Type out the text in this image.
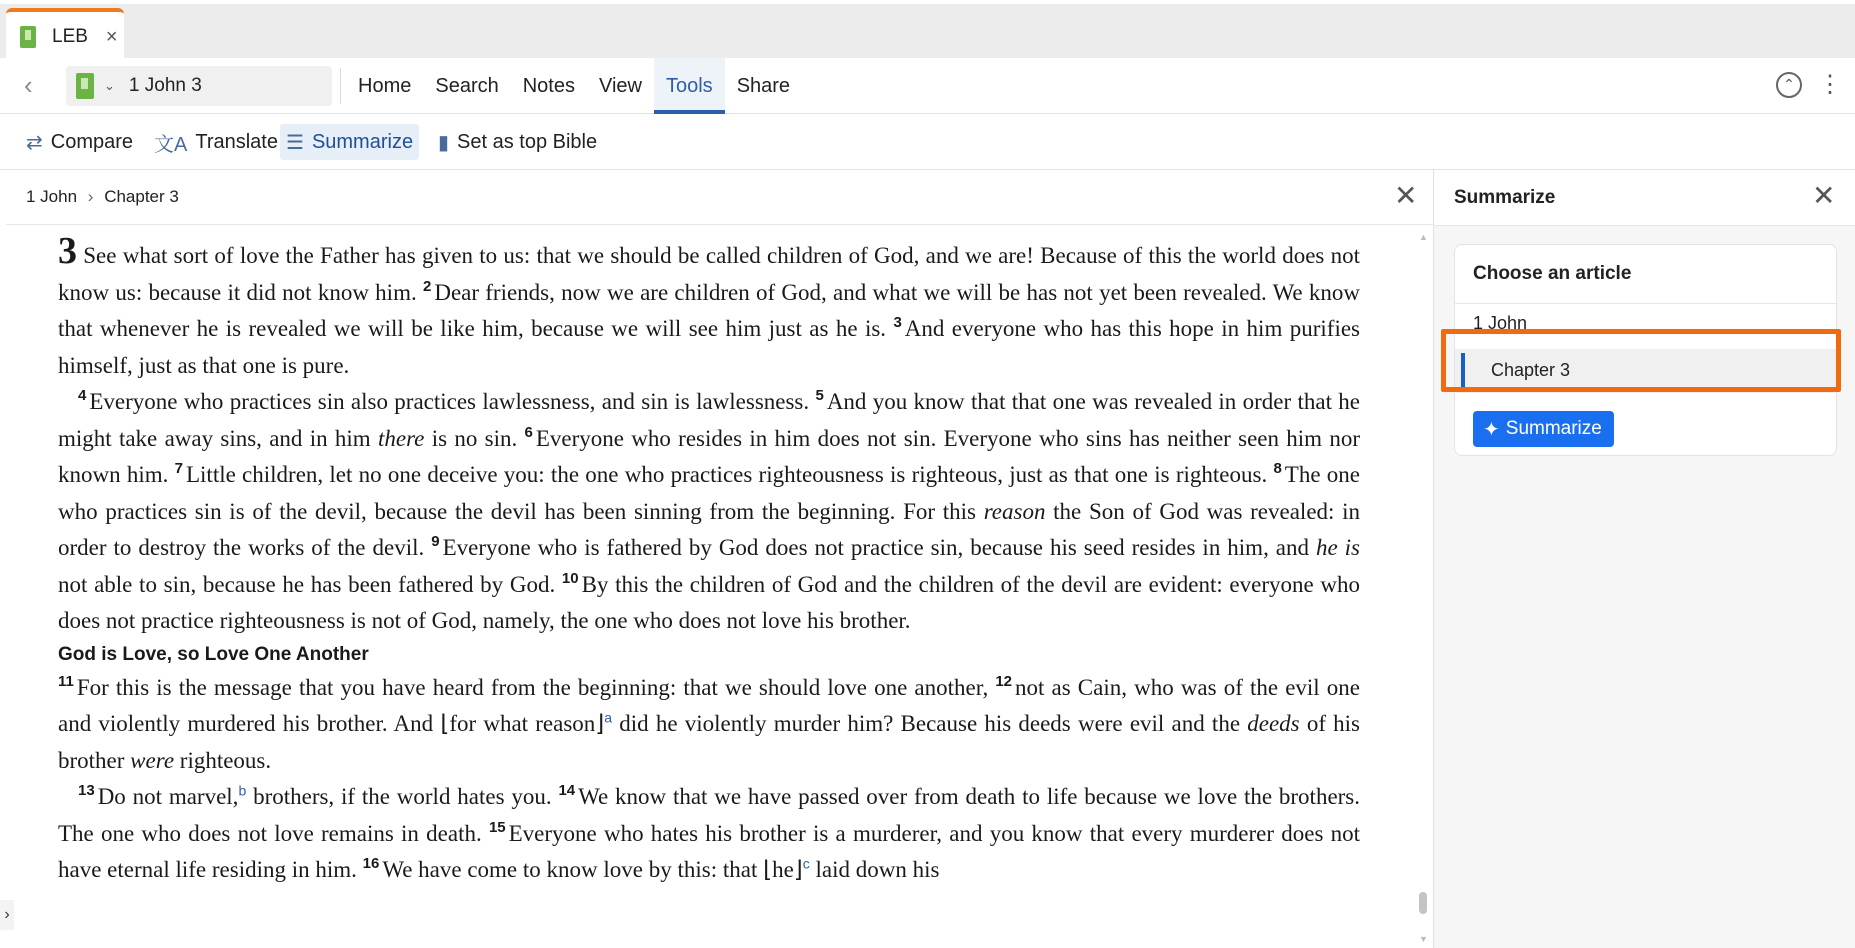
LEB ×
‹	⌄ 1 John 3	Home	Search	Notes	View	Tools	Share	⌃ ⋮
⇄ Compare 文A Translate ☰ Summarize ▮ Set as top Bible
1 John › Chapter 3	✕

3 See what sort of love the Father has given to us: that we should be called children of God, and we are! Because of this the world does not know us: because it did not know him. $^2$ Dear friends, now we are children of God, and what we will be has not yet been revealed. We know that whenever he is revealed we will be like him, because we will see him just as he is. $^3$ And everyone who has this hope in him purifies himself, just as that one is pure.

$^4$ Everyone who practices sin also practices lawlessness, and sin is lawlessness. $^5$ And you know that that one was revealed in order that he might take away sins, and in him there is no sin. $^6$ Everyone who resides in him does not sin. Everyone who sins has neither seen him nor known him. $^7$ Little children, let no one deceive you: the one who practices righteousness is righteous, just as that one is righteous. $^8$ The one who practices sin is of the devil, because the devil has been sinning from the beginning. For this reason the Son of God was revealed: in order to destroy the works of the devil. $^9$ Everyone who is fathered by God does not practice sin, because his seed resides in him, and he is not able to sin, because he has been fathered by God. $^{10}$ By this the children of God and the children of the devil are evident: everyone who does not practice righteousness is not of God, namely, the one who does not love his brother.

God is Love, so Love One Another

$^{11}$ For this is the message that you have heard from the beginning: that we should love one another, $^{12}$ not as Cain, who was of the evil one and violently murdered his brother. And ⌊for what reason⌋$^a$ did he violently murder him? Because his deeds were evil and the deeds of his brother were righteous.

$^{13}$ Do not marvel,$^b$ brothers, if the world hates you. $^{14}$ We know that we have passed over from death to life because we love the brothers. The one who does not love remains in death. $^{15}$ Everyone who hates his brother is a murderer, and you know that every murderer does not have eternal life residing in him. $^{16}$ We have come to know love by this: that ⌊he⌋$^c$ laid down his

▲
▼
›
Summarize	✕
Choose an article
1 John
Chapter 3
✦ Summarize
